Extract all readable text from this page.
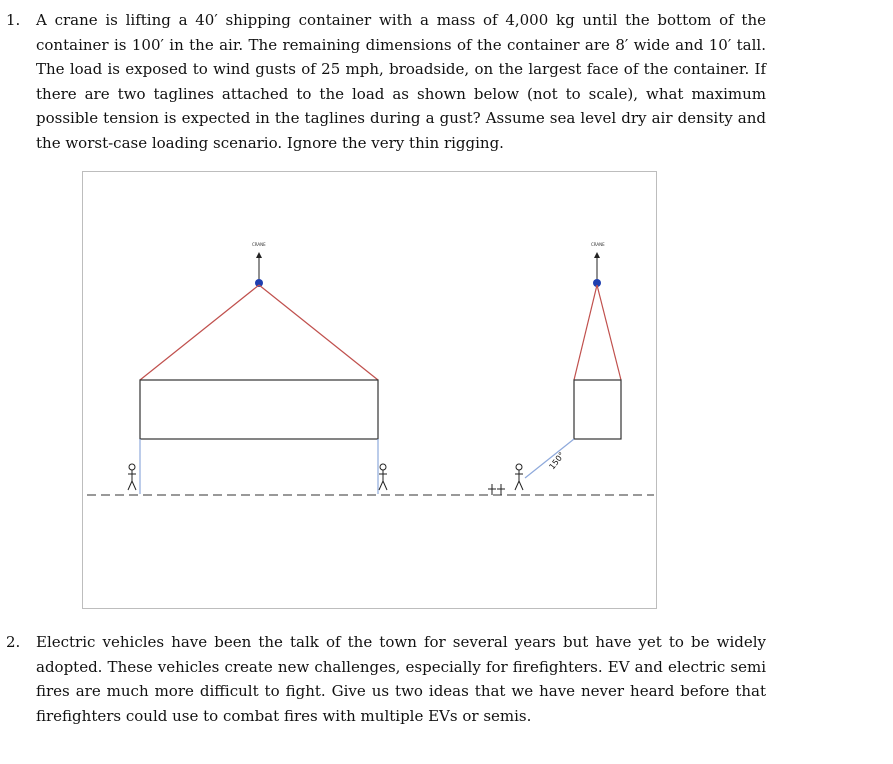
1. A crane is lifting a 40′ shipping container with a mass of 4,000 kg until the bottom of the container is 100′ in the air. The remaining dimensions of the container are 8′ wide and 10′ tall. The load is exposed to wind gusts of 25 mph, broadside, on the largest face of the container. If there are two taglines attached to the load as shown below (not to scale), what maximum possible tension is expected in the taglines during a gust? Assume sea level dry air density and the worst-case loading scenario. Ignore the very thin rigging.

CRANE	CRANE
150°
2. Electric vehicles have been the talk of the town for several years but have yet to be widely adopted. These vehicles create new challenges, especially for firefighters. EV and electric semi fires are much more difficult to fight. Give us two ideas that we have never heard before that firefighters could use to combat fires with multiple EVs or semis.
